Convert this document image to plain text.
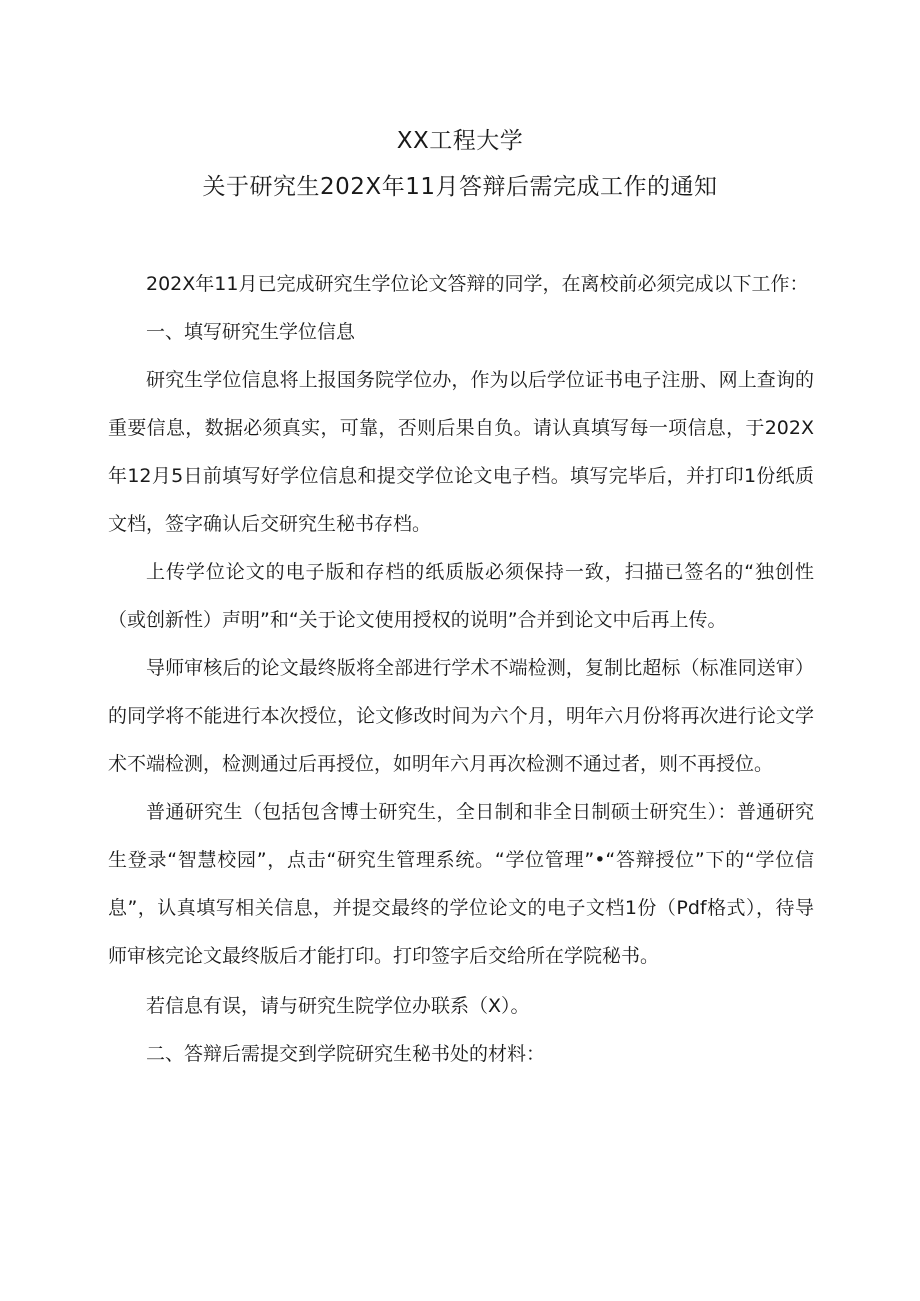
XX工程大学
关于研究生202X年11月答辩后需完成工作的通知

202X年11月已完成研究生学位论文答辩的同学，在离校前必须完成以下工作：

一、填写研究生学位信息

研究生学位信息将上报国务院学位办，作为以后学位证书电子注册、网上查询的重要信息，数据必须真实，可靠，否则后果自负。请认真填写每一项信息，于202X年12月5日前填写好学位信息和提交学位论文电子档。填写完毕后，并打印1份纸质文档，签字确认后交研究生秘书存档。

上传学位论文的电子版和存档的纸质版必须保持一致，扫描已签名的“独创性（或创新性）声明”和“关于论文使用授权的说明”合并到论文中后再上传。

导师审核后的论文最终版将全部进行学术不端检测，复制比超标（标准同送审）的同学将不能进行本次授位，论文修改时间为六个月，明年六月份将再次进行论文学术不端检测，检测通过后再授位，如明年六月再次检测不通过者，则不再授位。

普通研究生（包括包含博士研究生，全日制和非全日制硕士研究生）：普通研究生登录“智慧校园”，点击“研究生管理系统。“学位管理”•“答辩授位”下的“学位信息”，认真填写相关信息，并提交最终的学位论文的电子文档1份（Pdf格式），待导师审核完论文最终版后才能打印。打印签字后交给所在学院秘书。

若信息有误，请与研究生院学位办联系（X）。

二、答辩后需提交到学院研究生秘书处的材料：
